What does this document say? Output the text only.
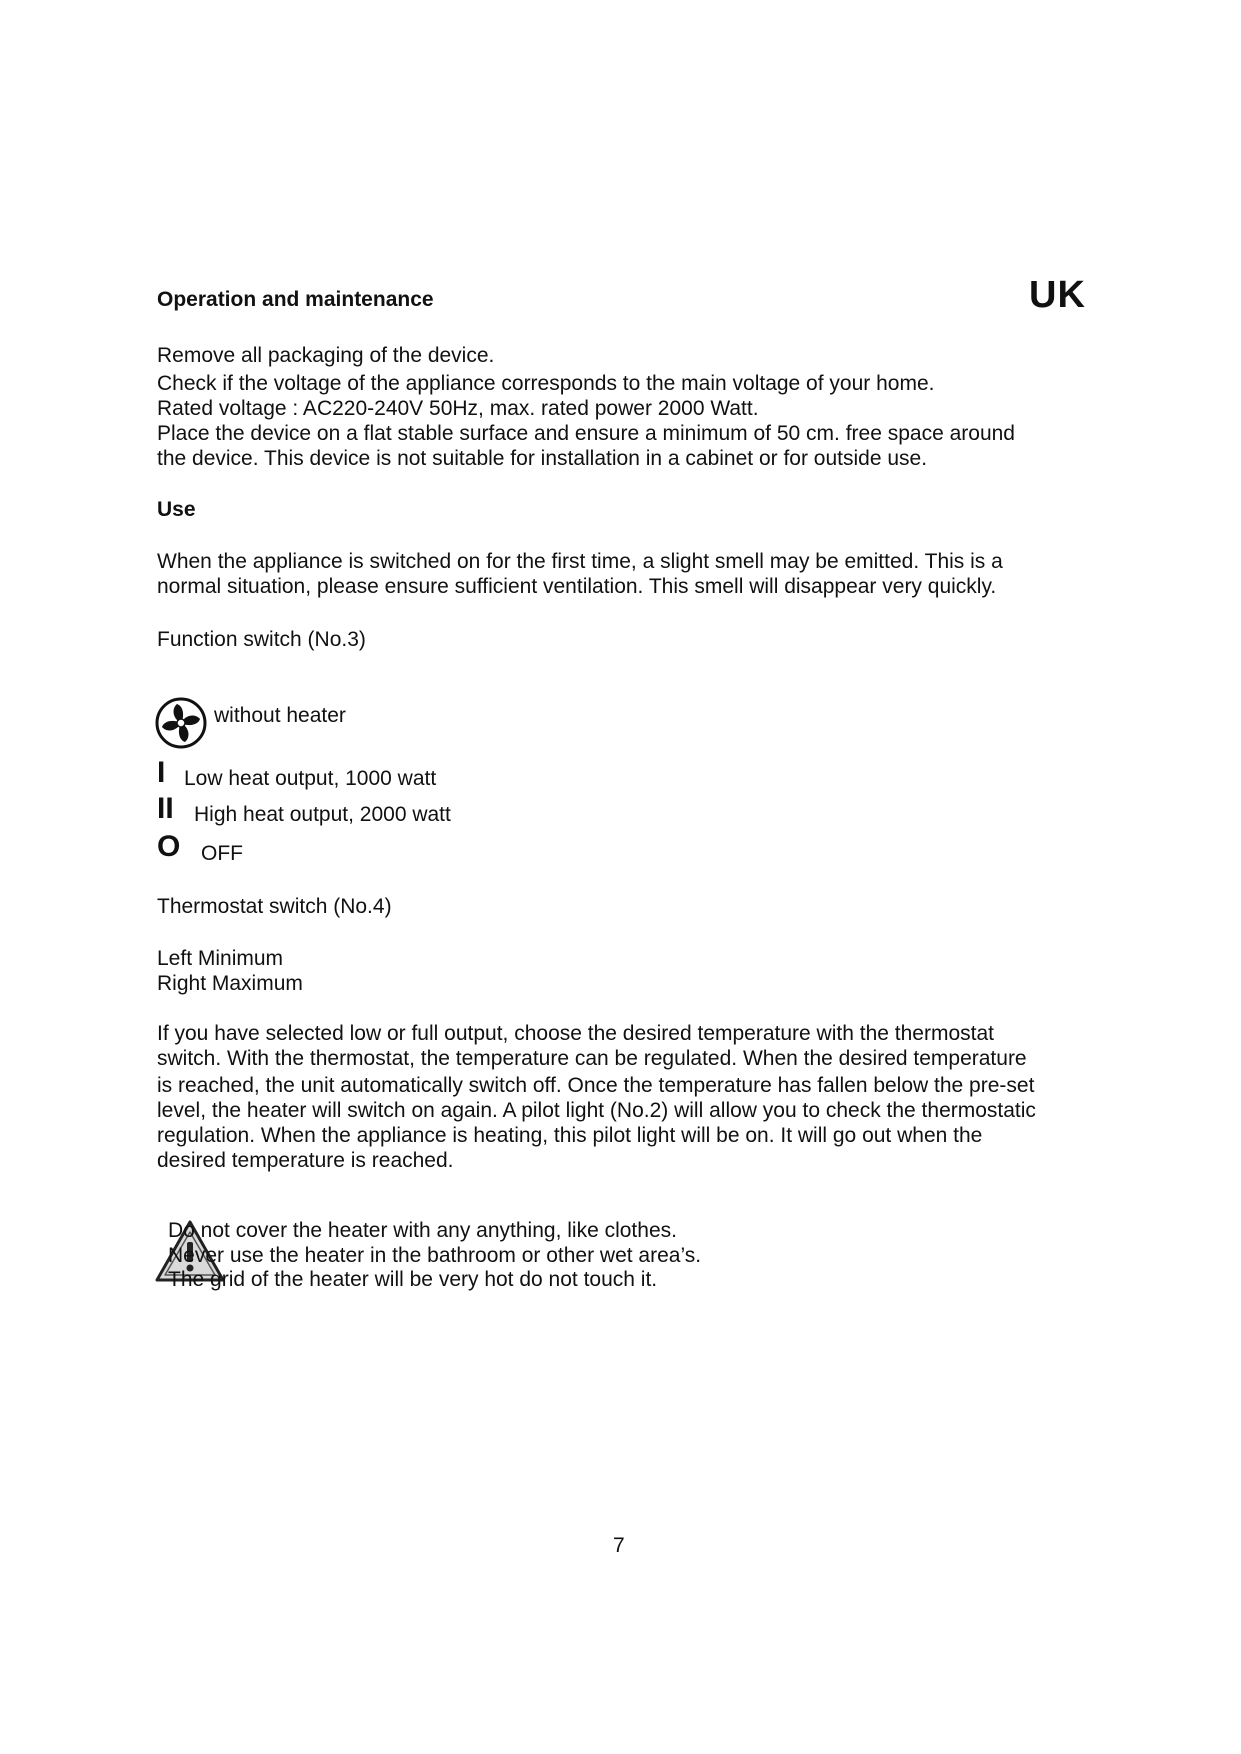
Operation and maintenance	UK
Remove all packaging of the device.
Check if the voltage of the appliance corresponds to the main voltage of your home.
Rated voltage : AC220-240V 50Hz, max. rated power 2000 Watt.
Place the device on a flat stable surface and ensure a minimum of 50 cm. free space around
the device. This device is not suitable for installation in a cabinet or for outside use.
Use
When the appliance is switched on for the first time, a slight smell may be emitted. This is a
normal situation, please ensure sufficient ventilation. This smell will disappear very quickly.
Function switch (No.3)
without heater
I Low heat output, 1000 watt
II High heat output, 2000 watt
O OFF
Thermostat switch (No.4)
Left Minimum
Right Maximum
If you have selected low or full output, choose the desired temperature with the thermostat
switch. With the thermostat, the temperature can be regulated. When the desired temperature
is reached, the unit automatically switch off. Once the temperature has fallen below the pre-set
level, the heater will switch on again. A pilot light (No.2) will allow you to check the thermostatic
regulation. When the appliance is heating, this pilot light will be on. It will go out when the
desired temperature is reached.
Do not cover the heater with any anything, like clothes.
Never use the heater in the bathroom or other wet area’s.
The grid of the heater will be very hot do not touch it.
7
